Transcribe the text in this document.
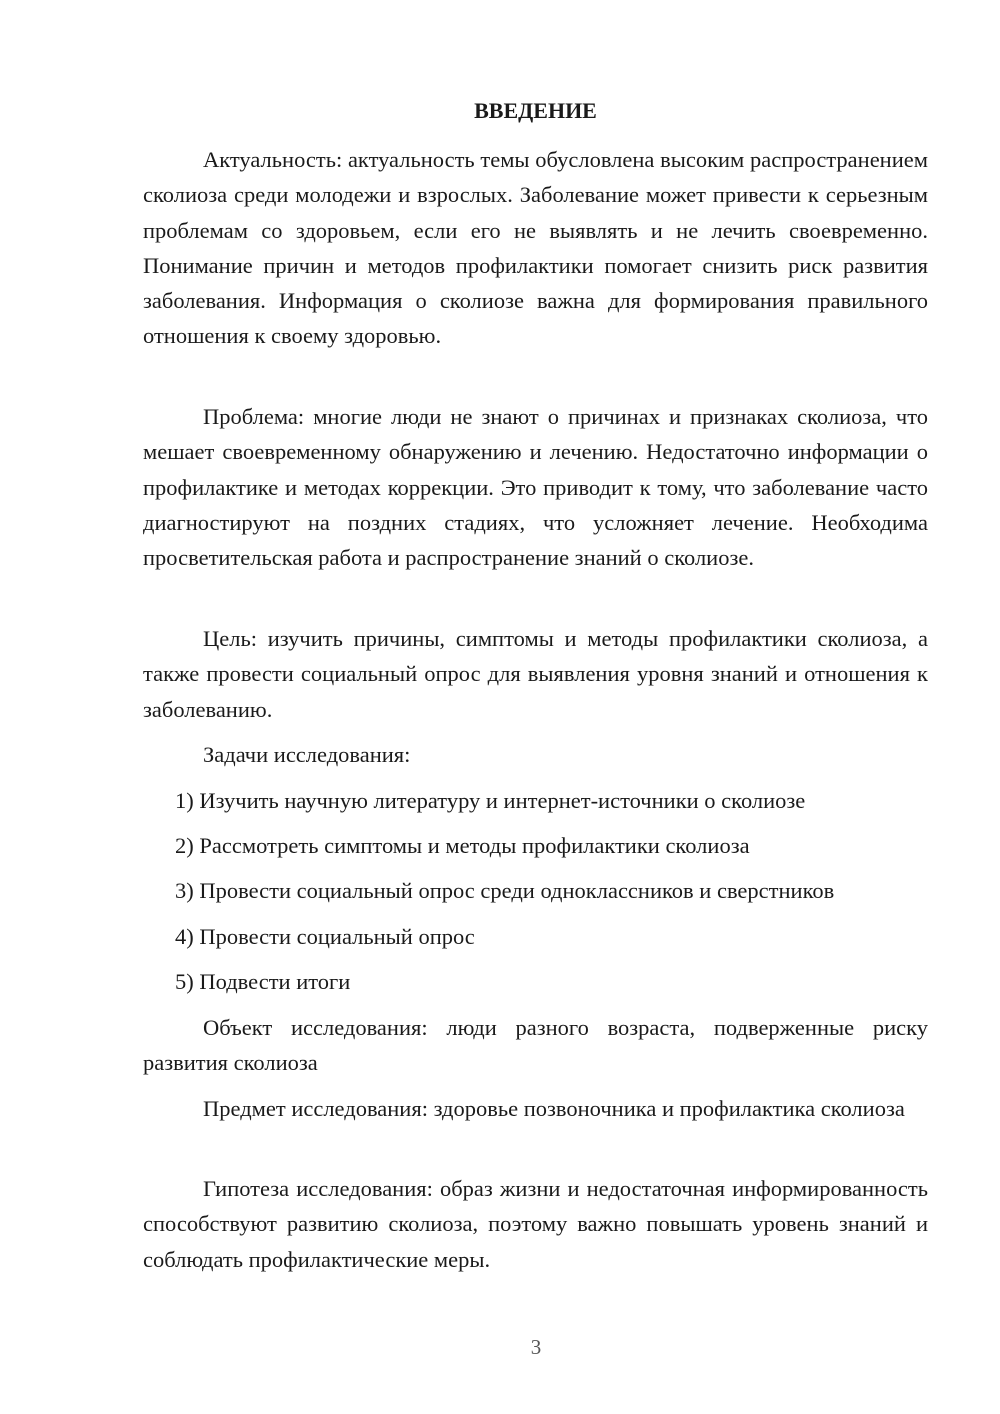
ВВЕДЕНИЕ

Актуальность: актуальность темы обусловлена высоким распространением сколиоза среди молодежи и взрослых. Заболевание может привести к серьезным проблемам со здоровьем, если его не выявлять и не лечить своевременно. Понимание причин и методов профилактики помогает снизить риск развития заболевания. Информация о сколиозе важна для формирования правильного отношения к своему здоровью.

Проблема: многие люди не знают о причинах и признаках сколиоза, что мешает своевременному обнаружению и лечению. Недостаточно информации о профилактике и методах коррекции. Это приводит к тому, что заболевание часто диагностируют на поздних стадиях, что усложняет лечение. Необходима просветительская работа и распространение знаний о сколиозе.

Цель: изучить причины, симптомы и методы профилактики сколиоза, а также провести социальный опрос для выявления уровня знаний и отношения к заболеванию.

Задачи исследования:

1) Изучить научную литературу и интернет-источники о сколиозе

2) Рассмотреть симптомы и методы профилактики сколиоза

3) Провести социальный опрос среди одноклассников и сверстников

4) Провести социальный опрос

5) Подвести итоги

Объект исследования: люди разного возраста, подверженные риску развития сколиоза

Предмет исследования: здоровье позвоночника и профилактика сколиоза

Гипотеза исследования: образ жизни и недостаточная информированность способствуют развитию сколиоза, поэтому важно повышать уровень знаний и соблюдать профилактические меры.

3
